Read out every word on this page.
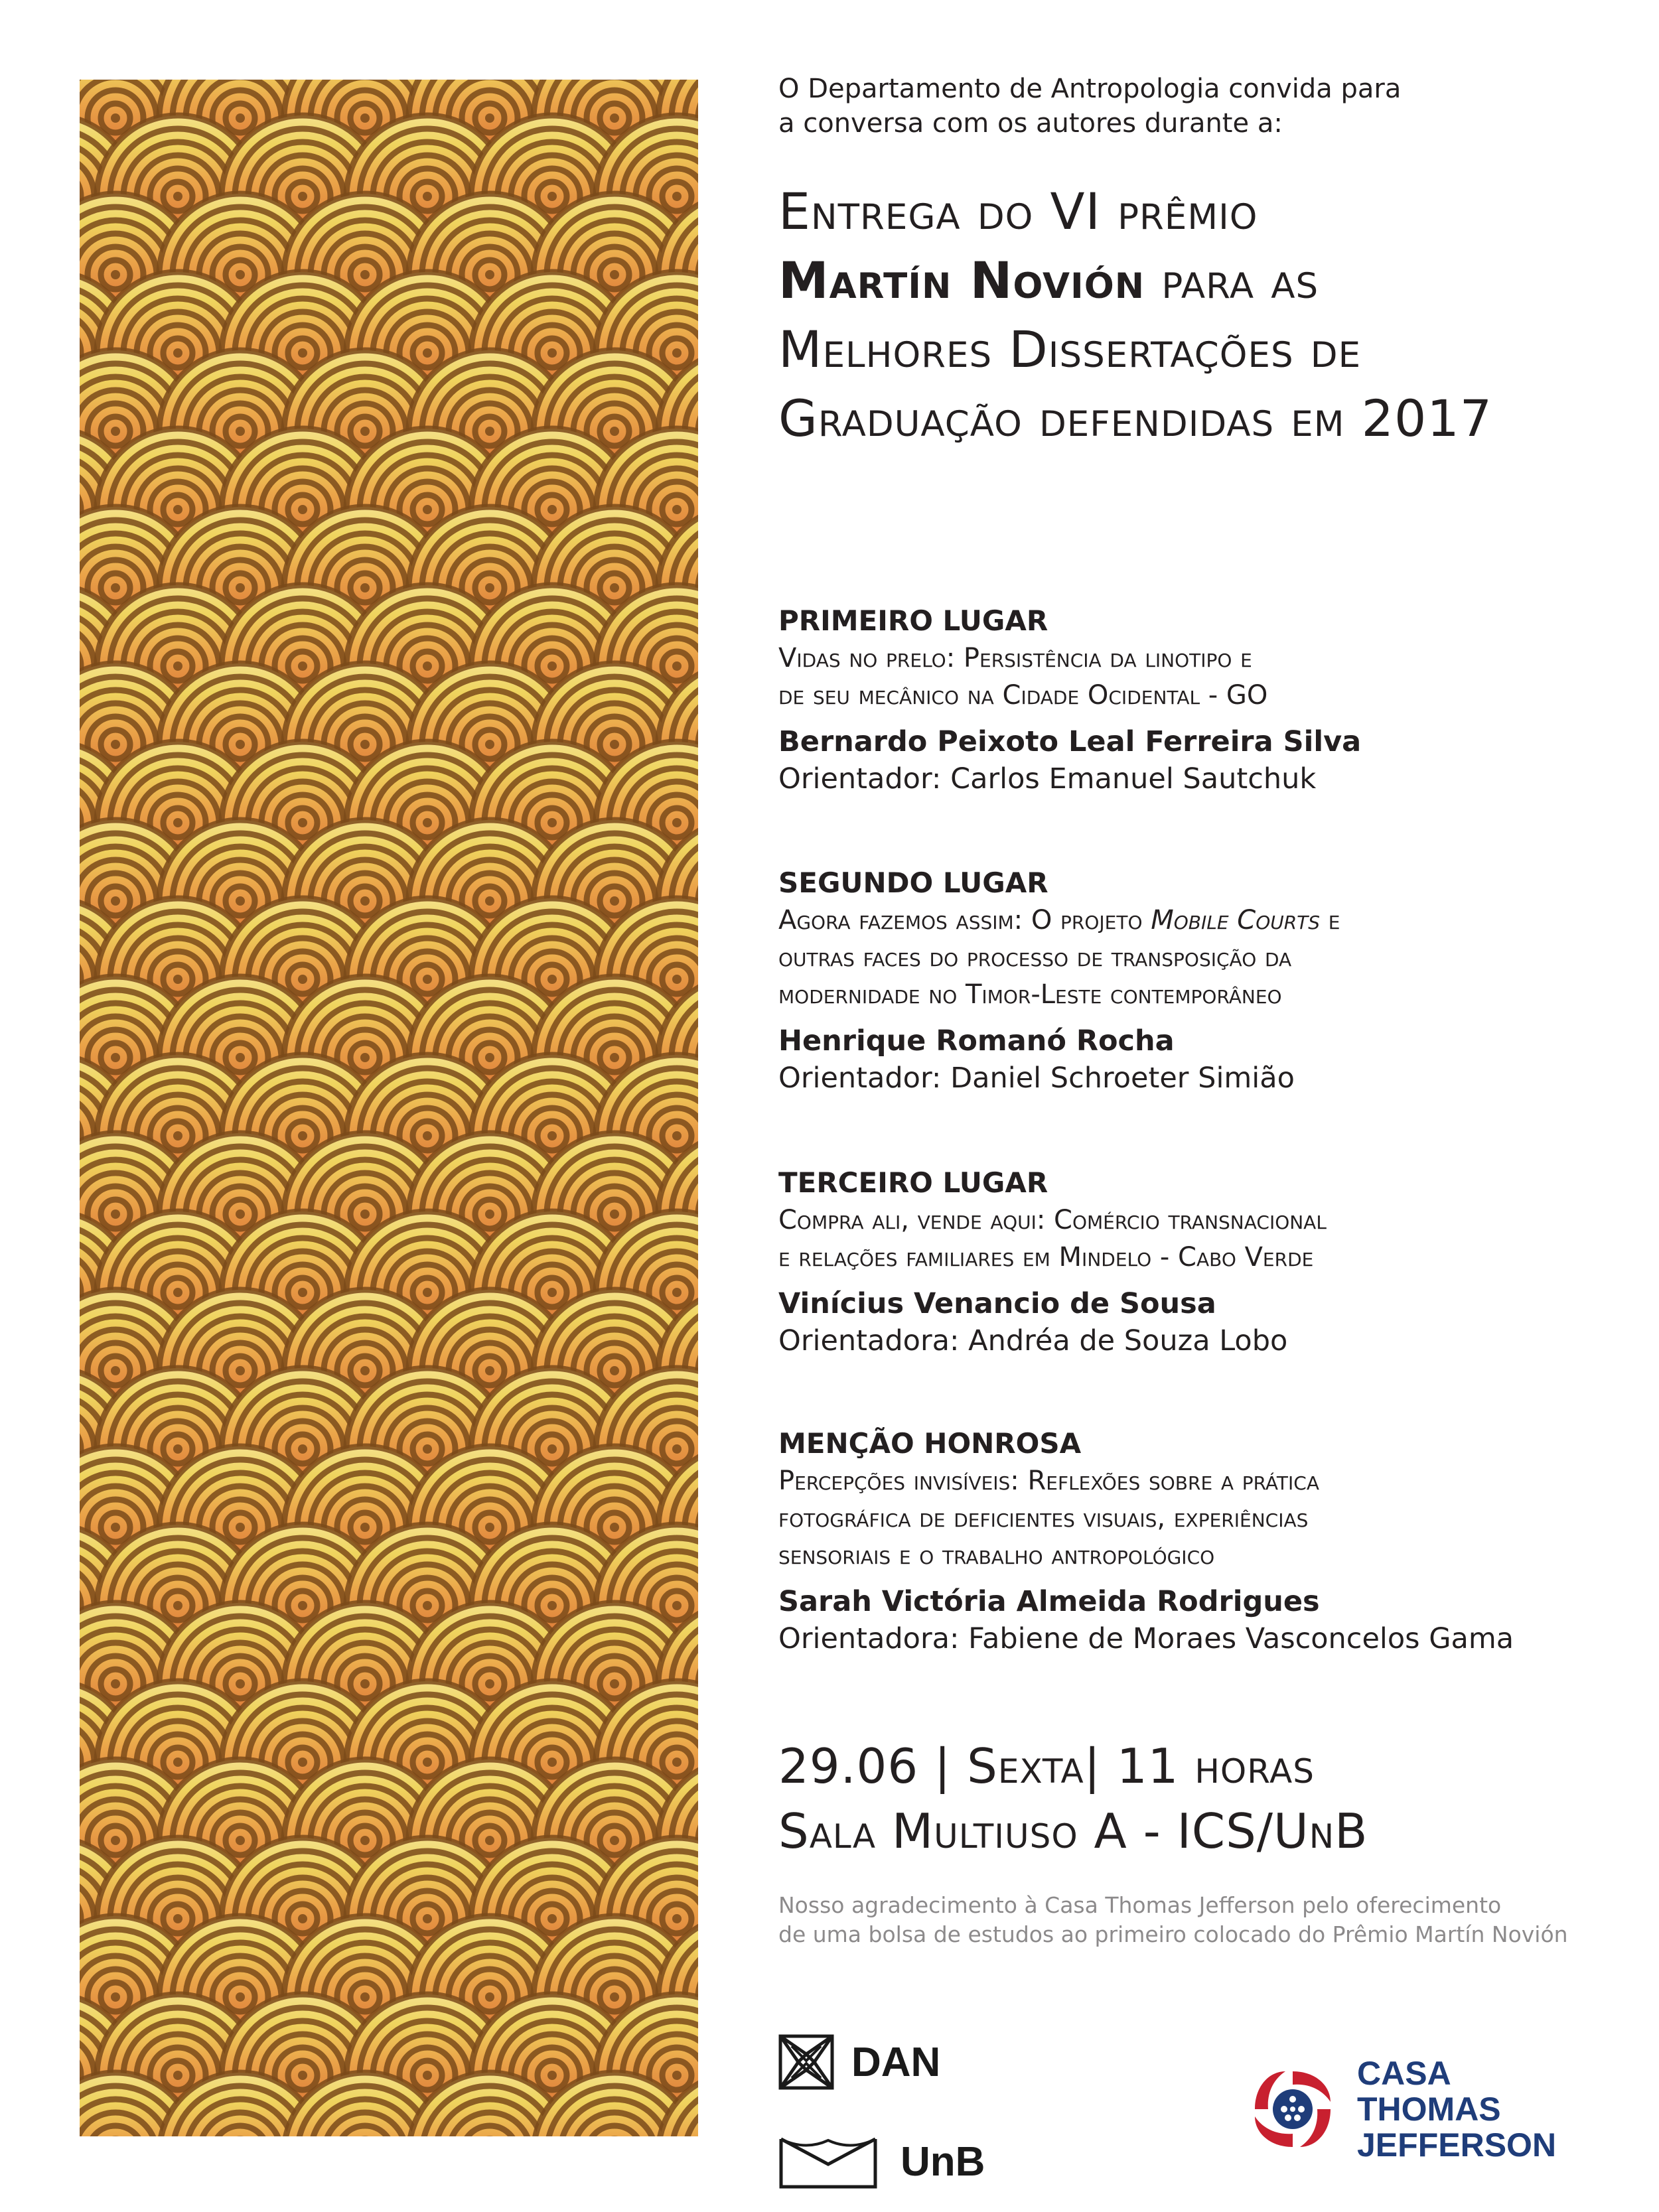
O Departamento de Antropologia convida para
a conversa com os autores durante a:
Entrega do VI prêmio
Martín Novión para as
Melhores Dissertações de
Graduação defendidas em 2017
PRIMEIRO LUGAR
Vidas no prelo: Persistência da linotipo e
de seu mecânico na Cidade Ocidental - GO
Bernardo Peixoto Leal Ferreira Silva
Orientador: Carlos Emanuel Sautchuk
SEGUNDO LUGAR
Agora fazemos assim: O projeto Mobile Courts e
outras faces do processo de transposição da
modernidade no Timor-Leste contemporâneo
Henrique Romanó Rocha
Orientador: Daniel Schroeter Simião
TERCEIRO LUGAR
Compra ali, vende aqui: Comércio transnacional
e relações familiares em Mindelo - Cabo Verde
Vinícius Venancio de Sousa
Orientadora: Andréa de Souza Lobo
MENÇÃO HONROSA
Percepções invisíveis: Reflexões sobre a prática
fotográfica de deficientes visuais, experiências
sensoriais e o trabalho antropológico
Sarah Victória Almeida Rodrigues
Orientadora: Fabiene de Moraes Vasconcelos Gama
29.06 | Sexta| 11 horas
Sala Multiuso A - ICS/UnB
Nosso agradecimento à Casa Thomas Jefferson pelo oferecimento
de uma bolsa de estudos ao primeiro colocado do Prêmio Martín Novión
DAN
UnB
CASA
THOMAS
JEFFERSON
